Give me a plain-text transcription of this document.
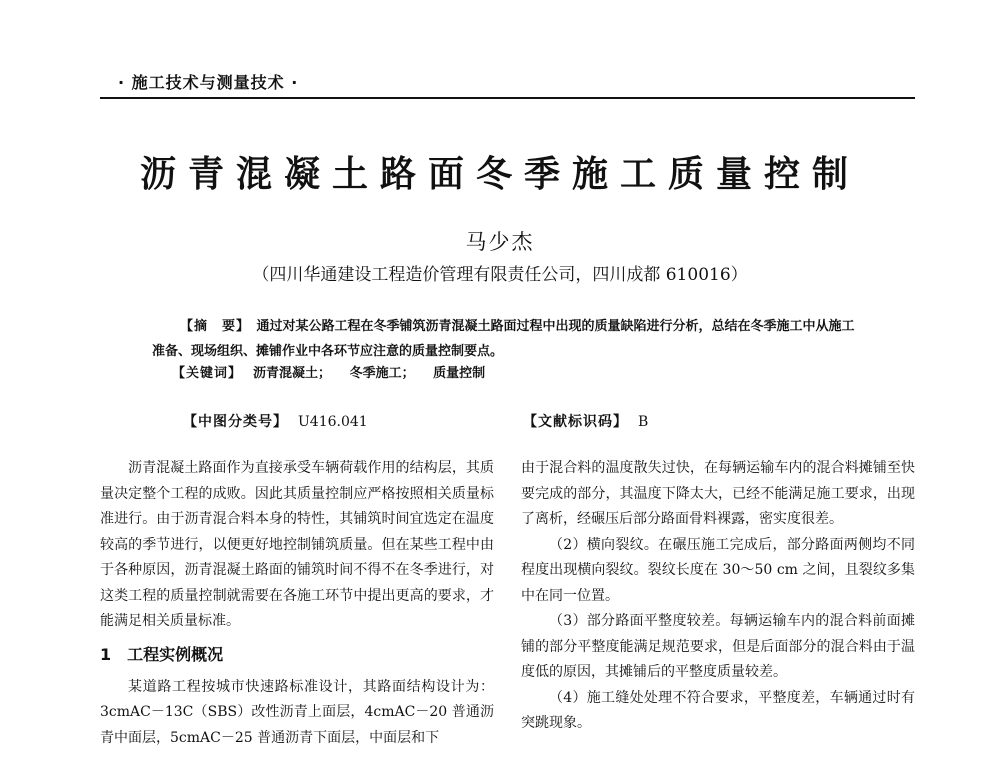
· 施工技术与测量技术 ·
沥青混凝土路面冬季施工质量控制
马少杰
（四川华通建设工程造价管理有限责任公司，四川成都 610016）

【摘　要】　 通过对某公路工程在冬季铺筑沥青混凝土路面过程中出现的质量缺陷进行分析，总结在冬季施工中从施工准备、现场组织、摊铺作业中各环节应注意的质量控制要点。

【关键词】　 沥青混凝土； 冬季施工； 质量控制
【中图分类号】 U416.041	【文献标识码】 B

沥青混凝土路面作为直接承受车辆荷载作用的结构层，其质量决定整个工程的成败。因此其质量控制应严格按照相关质量标准进行。由于沥青混合料本身的特性，其铺筑时间宜选定在温度较高的季节进行，以便更好地控制铺筑质量。但在某些工程中由于各种原因，沥青混凝土路面的铺筑时间不得不在冬季进行，对这类工程的质量控制就需要在各施工环节中提出更高的要求，才能满足相关质量标准。

1　工程实例概况

某道路工程按城市快速路标准设计，其路面结构设计为：3cmAC－13C（SBS）改性沥青上面层，4cmAC－20 普通沥青中面层，5cmAC－25 普通沥青下面层，中面层和下

由于混合料的温度散失过快，在每辆运输车内的混合料摊铺至快要完成的部分，其温度下降太大，已经不能满足施工要求，出现了离析，经碾压后部分路面骨料裸露，密实度很差。

（2）横向裂纹。在碾压施工完成后，部分路面两侧均不同程度出现横向裂纹。裂纹长度在 30～50 cm 之间，且裂纹多集中在同一位置。

（3）部分路面平整度较差。每辆运输车内的混合料前面摊铺的部分平整度能满足规范要求，但是后面部分的混合料由于温度低的原因，其摊铺后的平整度质量较差。

（4）施工缝处处理不符合要求，平整度差，车辆通过时有突跳现象。
